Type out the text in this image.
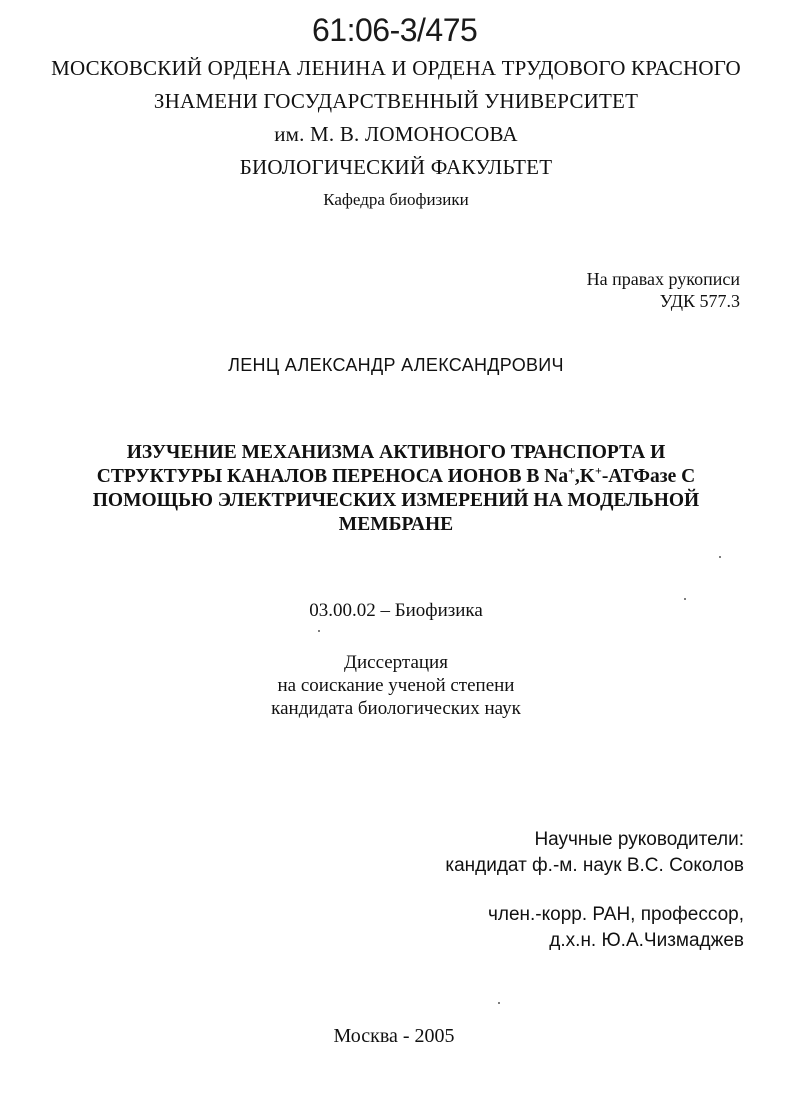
61:06-3/475
МОСКОВСКИЙ ОРДЕНА ЛЕНИНА И ОРДЕНА ТРУДОВОГО КРАСНОГО
ЗНАМЕНИ ГОСУДАРСТВЕННЫЙ УНИВЕРСИТЕТ
им. М. В. ЛОМОНОСОВА
БИОЛОГИЧЕСКИЙ ФАКУЛЬТЕТ
Кафедра биофизики
На правах рукописи
УДК 577.3
ЛЕНЦ АЛЕКСАНДР АЛЕКСАНДРОВИЧ
ИЗУЧЕНИЕ МЕХАНИЗМА АКТИВНОГО ТРАНСПОРТА И
СТРУКТУРЫ КАНАЛОВ ПЕРЕНОСА ИОНОВ В Na+,K+-АТФазе С
ПОМОЩЬЮ ЭЛЕКТРИЧЕСКИХ ИЗМЕРЕНИЙ НА МОДЕЛЬНОЙ
МЕМБРАНЕ
03.00.02 – Биофизика
Диссертация
на соискание ученой степени
кандидата биологических наук
Научные руководители:
кандидат ф.-м. наук В.С. Соколов
член.-корр. РАН, профессор,
д.х.н. Ю.А.Чизмаджев
Москва - 2005
